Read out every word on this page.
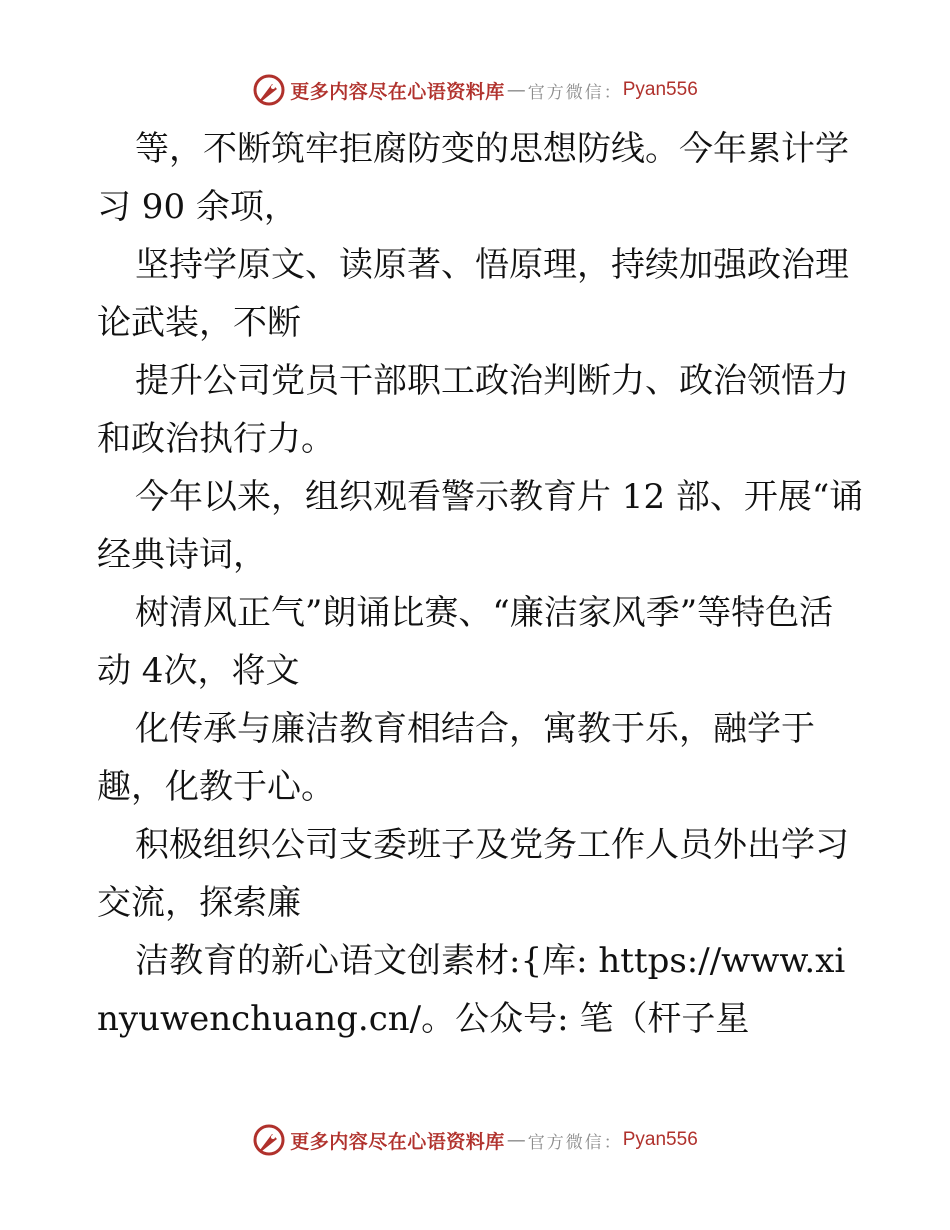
更多内容尽在心语资料库 — 官方微信： Pyan556

等，不断筑牢拒腐防变的思想防线。今年累计学习 90 余项，

坚持学原文、读原著、悟原理，持续加强政治理论武装，不断

提升公司党员干部职工政治判断力、政治领悟力和政治执行力。

今年以来，组织观看警示教育片 12 部、开展“诵经典诗词，

树清风正气”朗诵比赛、“廉洁家风季”等特色活动 4次，将文

化传承与廉洁教育相结合，寓教于乐，融学于趣，化教于心。

积极组织公司支委班子及党务工作人员外出学习交流，探索廉

洁教育的新心语文创素材:{库: https://www.xinyuwenchuang.cn/。公众号: 笔（杆子星

更多内容尽在心语资料库 — 官方微信： Pyan556
